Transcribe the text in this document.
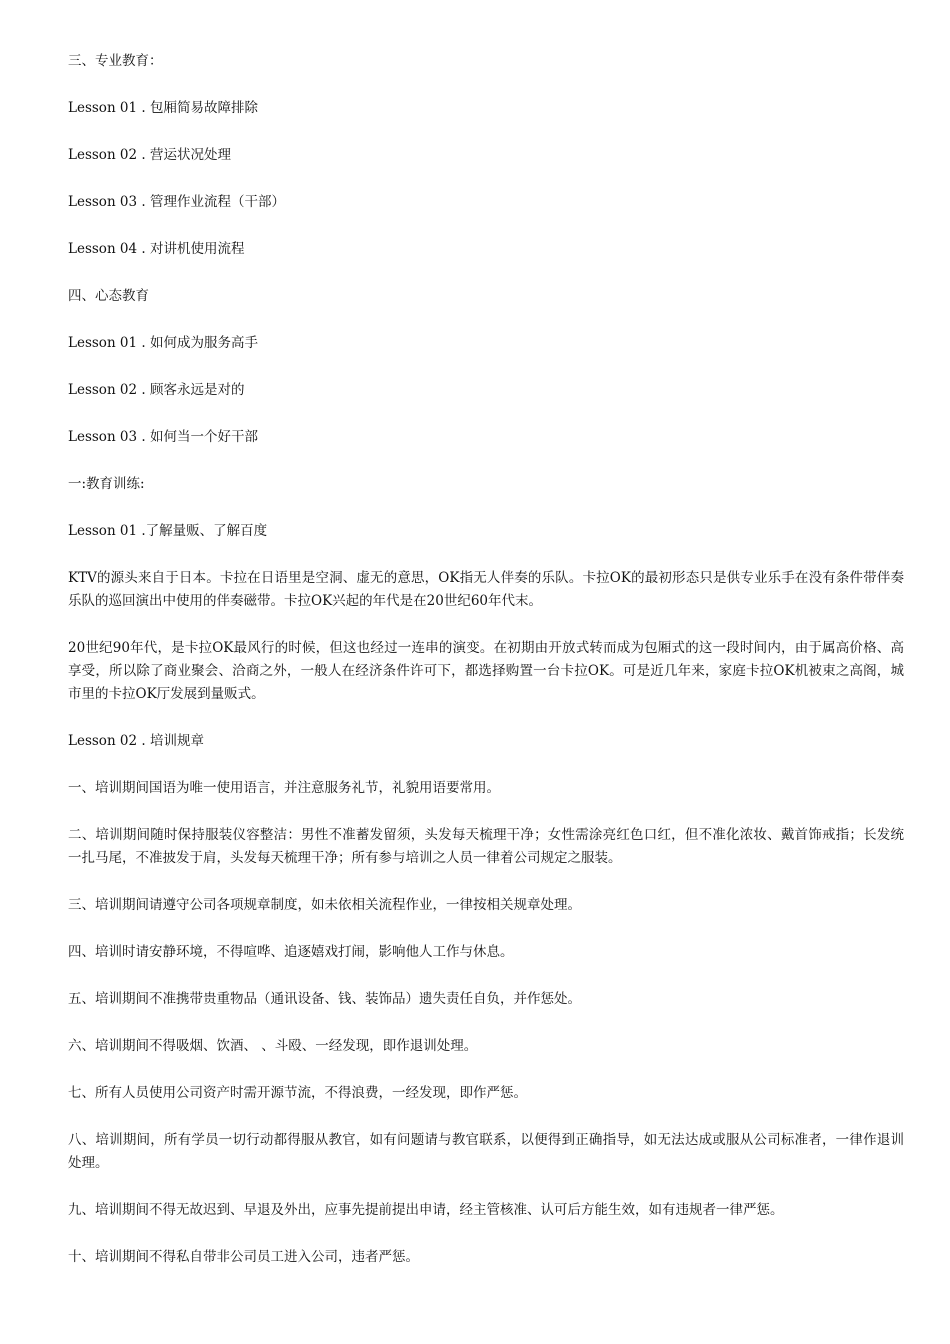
三、专业教育：

Lesson 01 . 包厢简易故障排除

Lesson 02 . 营运状况处理

Lesson 03 . 管理作业流程（干部）

Lesson 04 . 对讲机使用流程

四、心态教育

Lesson 01 . 如何成为服务高手

Lesson 02 . 顾客永远是对的

Lesson 03 . 如何当一个好干部

一:教育训练:

Lesson 01 .了解量贩、了解百度

KTV的源头来自于日本。卡拉在日语里是空洞、虚无的意思，OK指无人伴奏的乐队。卡拉OK的最初形态只是供专业乐手在没有条件带伴奏乐队的巡回演出中使用的伴奏磁带。卡拉OK兴起的年代是在20世纪60年代末。

20世纪90年代，是卡拉OK最风行的时候，但这也经过一连串的演变。在初期由开放式转而成为包厢式的这一段时间内，由于属高价格、高享受，所以除了商业聚会、洽商之外，一般人在经济条件许可下，都选择购置一台卡拉OK。可是近几年来，家庭卡拉OK机被束之高阁，城市里的卡拉OK厅发展到量贩式。

Lesson 02 . 培训规章

一、培训期间国语为唯一使用语言，并注意服务礼节，礼貌用语要常用。

二、培训期间随时保持服装仪容整洁：男性不准蓄发留须，头发每天梳理干净；女性需涂亮红色口红，但不准化浓妆、戴首饰戒指；长发统一扎马尾，不准披发于肩，头发每天梳理干净；所有参与培训之人员一律着公司规定之服装。

三、培训期间请遵守公司各项规章制度，如未依相关流程作业，一律按相关规章处理。

四、培训时请安静环境，不得喧哗、追逐嬉戏打闹，影响他人工作与休息。

五、培训期间不准携带贵重物品（通讯设备、钱、装饰品）遗失责任自负，并作惩处。

六、培训期间不得吸烟、饮酒、 、斗殴、一经发现，即作退训处理。

七、所有人员使用公司资产时需开源节流，不得浪费，一经发现，即作严惩。

八、培训期间，所有学员一切行动都得服从教官，如有问题请与教官联系，以便得到正确指导，如无法达成或服从公司标准者，一律作退训处理。

九、培训期间不得无故迟到、早退及外出，应事先提前提出申请，经主管核准、认可后方能生效，如有违规者一律严惩。

十、培训期间不得私自带非公司员工进入公司，违者严惩。
